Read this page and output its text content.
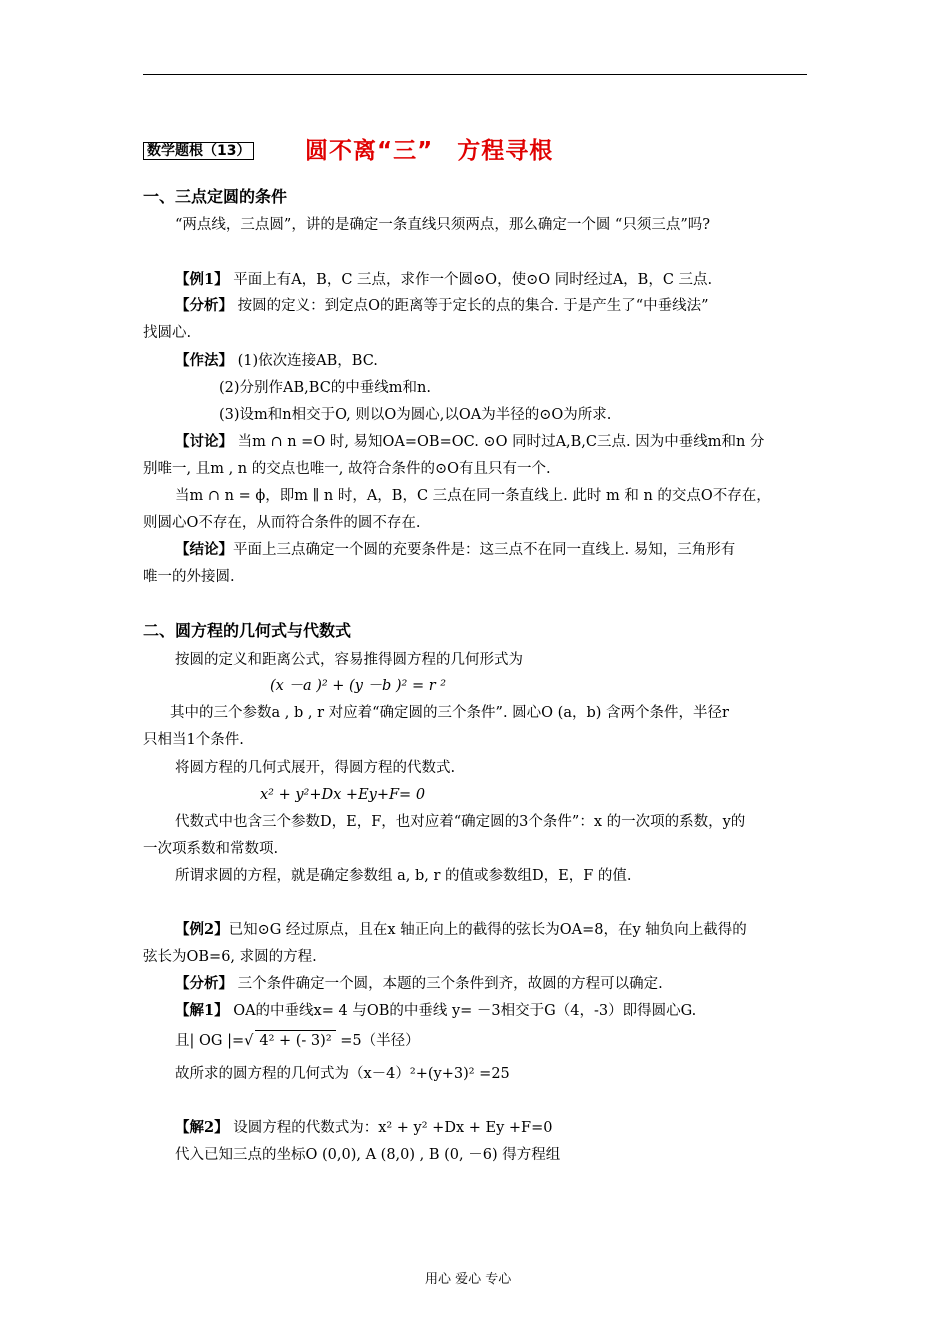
数学题根（13） 圆不离“三”　方程寻根
一、三点定圆的条件
“两点线，三点圆”，讲的是确定一条直线只须两点，那么确定一个圆 “只须三点”吗?
【例1】 平面上有A，B，C 三点，求作一个圆⊙O，使⊙O 同时经过A，B，C 三点.
【分析】 按圆的定义：到定点O的距离等于定长的点的集合. 于是产生了“中垂线法”
找圆心.
【作法】 (1)依次连接AB，BC.
(2)分别作AB,BC的中垂线m和n.
(3)设m和n相交于O, 则以O为圆心,以OA为半径的⊙O为所求.
【讨论】 当m ∩ n =O 时, 易知OA=OB=OC. ⊙O 同时过A,B,C三点. 因为中垂线m和n 分
别唯一, 且m , n 的交点也唯一, 故符合条件的⊙O有且只有一个.
当m ∩ n = ϕ，即m ∥ n 时，A，B，C 三点在同一条直线上. 此时 m 和 n 的交点O不存在，
则圆心O不存在，从而符合条件的圆不存在.
【结论】平面上三点确定一个圆的充要条件是：这三点不在同一直线上. 易知，三角形有
唯一的外接圆.
二、圆方程的几何式与代数式
按圆的定义和距离公式，容易推得圆方程的几何形式为
(x －a )² + (y －b )² = r ²
其中的三个参数a , b , r 对应着“确定圆的三个条件”. 圆心O (a，b) 含两个条件，半径r
只相当1个条件.
将圆方程的几何式展开，得圆方程的代数式.
x² + y²+Dx +Ey+F= 0
代数式中也含三个参数D，E，F，也对应着“确定圆的3个条件”：x 的一次项的系数，y的
一次项系数和常数项.
所谓求圆的方程，就是确定参数组 a, b, r 的值或参数组D，E，F 的值.
【例2】已知⊙G 经过原点，且在x 轴正向上的截得的弦长为OA=8，在y 轴负向上截得的
弦长为OB=6, 求圆的方程.
【分析】 三个条件确定一个圆，本题的三个条件到齐，故圆的方程可以确定.
【解1】 OA的中垂线x= 4 与OB的中垂线 y= －3相交于G（4，-3）即得圆心G.
且| OG |=√ 4² + (- 3)² =5（半径）
故所求的圆方程的几何式为（x－4）²+(y+3)² =25
【解2】 设圆方程的代数式为：x² + y² +Dx + Ey +F=0
代入已知三点的坐标O (0,0), A (8,0) , B (0, －6) 得方程组
用心 爱心 专心
